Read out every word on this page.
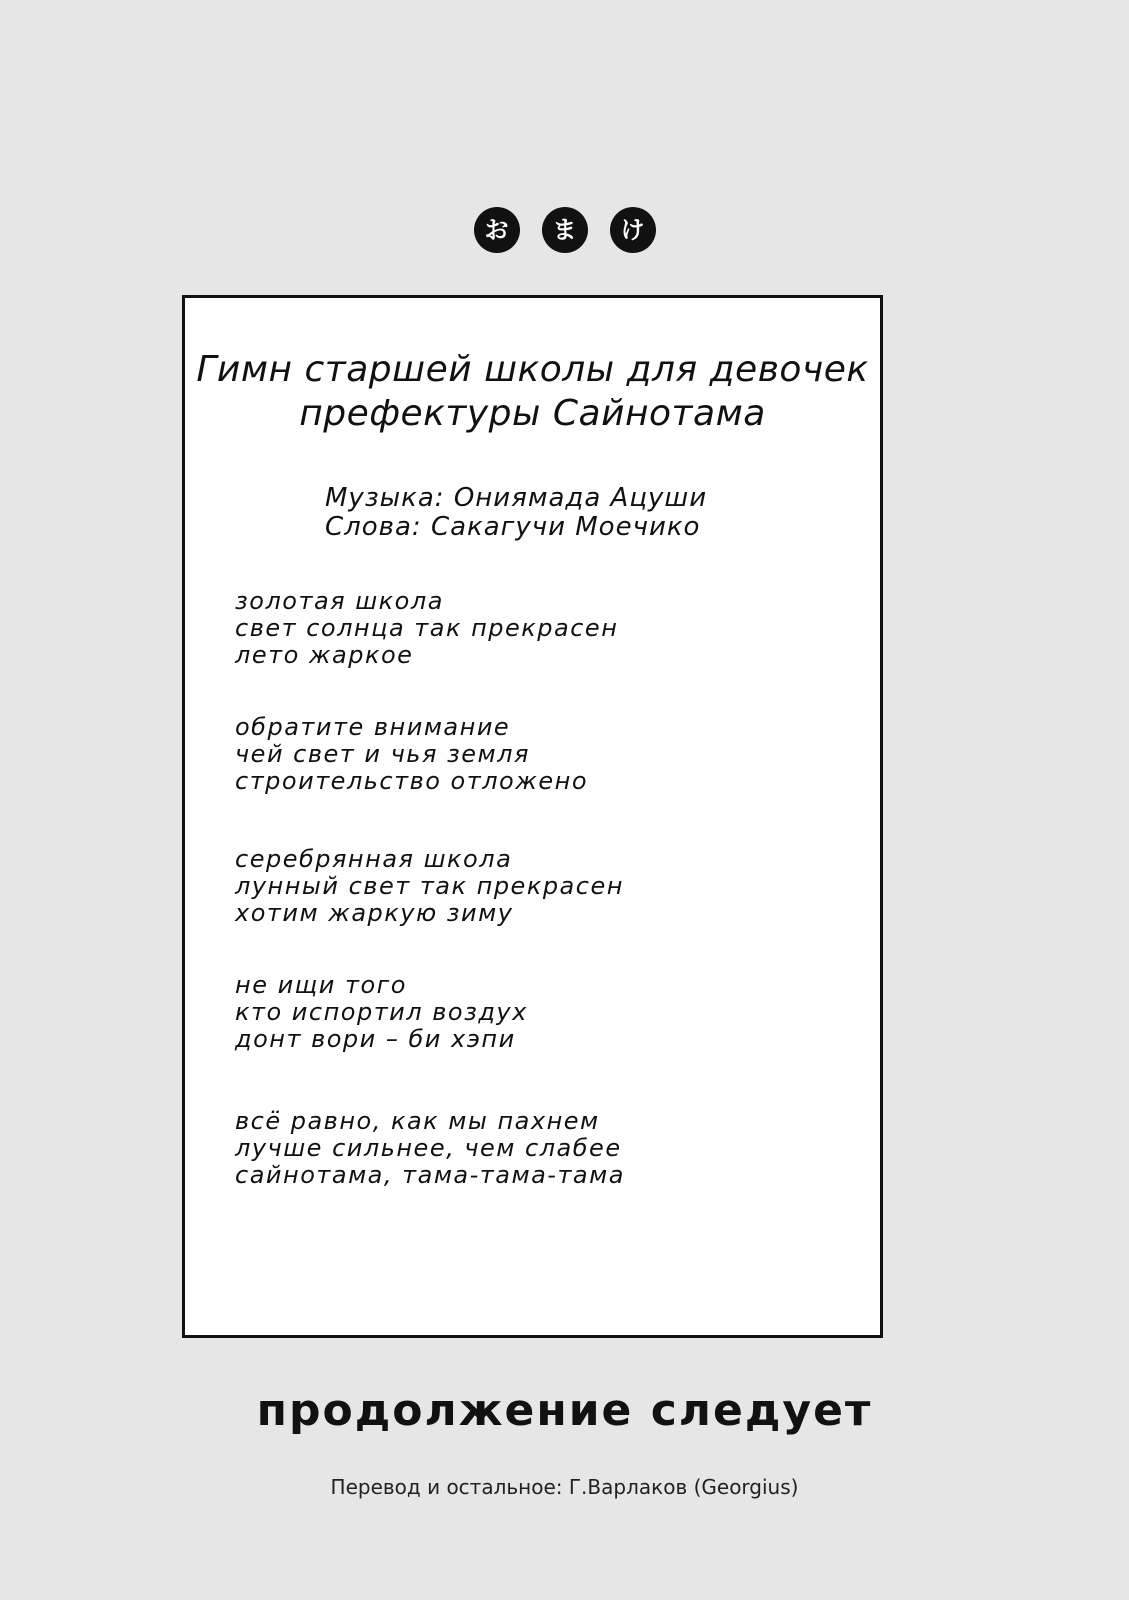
お	ま	け
Гимн старшей школы для девочек
префектуры Сайнотама
Музыка: Ониямада Ацуши
Слова: Сакагучи Моечико
золотая школа
свет солнца так прекрасен
лето жаркое
обратите внимание
чей свет и чья земля
строительство отложено
серебрянная школа
лунный свет так прекрасен
хотим жаркую зиму
не ищи того
кто испортил воздух
донт вори – би хэпи
всё равно, как мы пахнем
лучше сильнее, чем слабее
сайнотама, тама-тама-тама
продолжение следует
Перевод и остальное: Г.Варлаков (Georgius)
